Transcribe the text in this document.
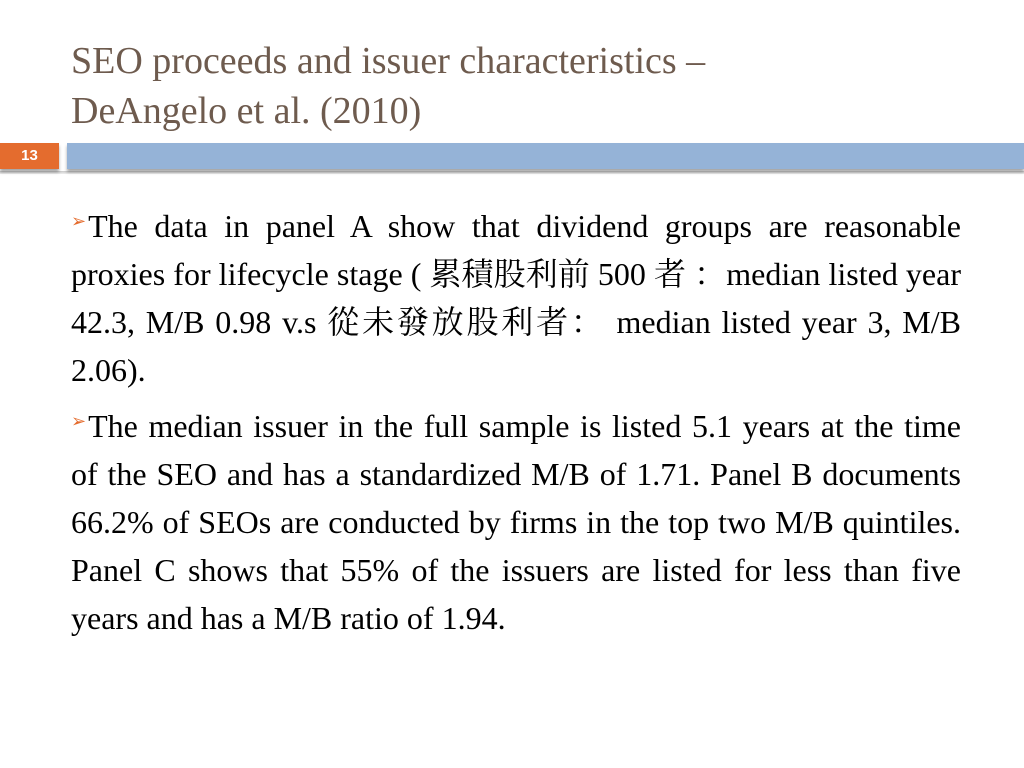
SEO proceeds and issuer characteristics –
DeAngelo et al. (2010)
13

➢The data in panel A show that dividend groups are reasonable proxies for lifecycle stage ( 累積股利前 500 者 ：median listed year 42.3, M/B 0.98 v.s 從未發放股利者： median listed year 3, M/B 2.06).

➢The median issuer in the full sample is listed 5.1 years at the time of the SEO and has a standardized M/B of 1.71. Panel B documents 66.2% of SEOs are conducted by firms in the top two M/B quintiles. Panel C shows that 55% of the issuers are listed for less than five years and has a M/B ratio of 1.94.
